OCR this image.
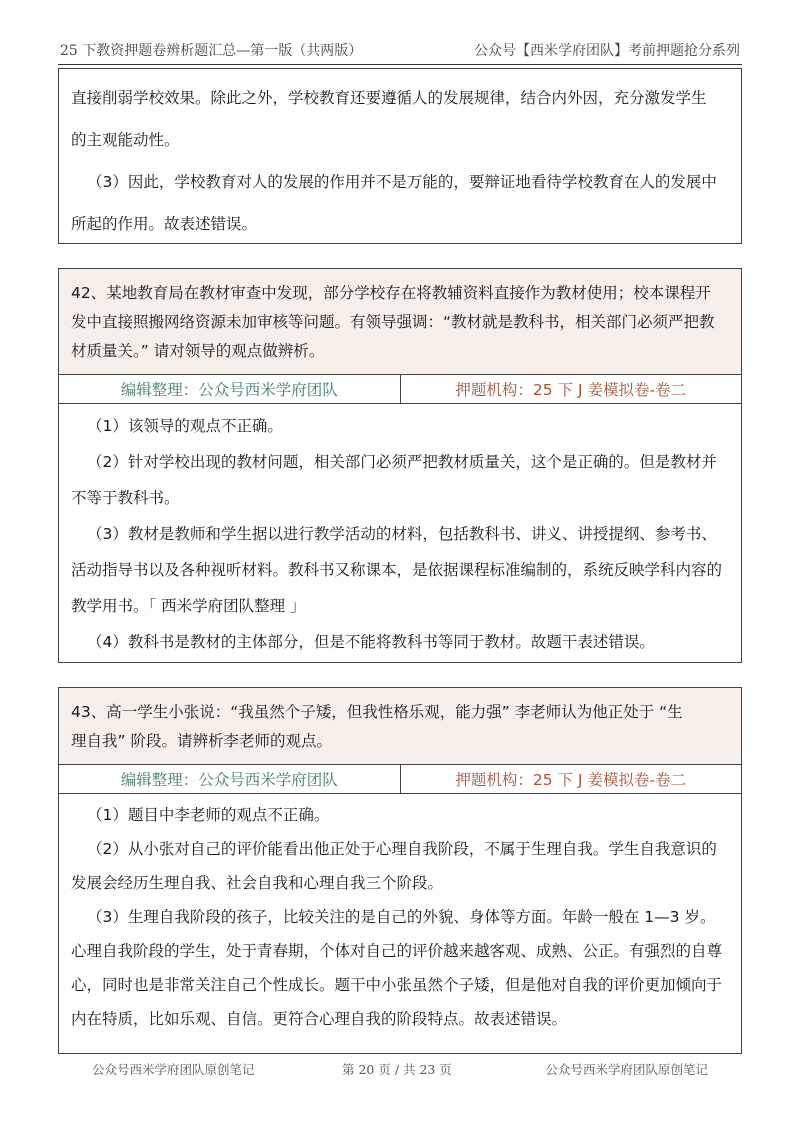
25 下教资押题卷辨析题汇总—第一版（共两版）	公众号【西米学府团队】考前押题抢分系列

直接削弱学校效果。除此之外，学校教育还要遵循人的发展规律，结合内外因，充分激发学生

的主观能动性。

（3）因此，学校教育对人的发展的作用并不是万能的，要辩证地看待学校教育在人的发展中

所起的作用。故表述错误。

42、某地教育局在教材审查中发现，部分学校存在将教辅资料直接作为教材使用；校本课程开
发中直接照搬网络资源未加审核等问题。有领导强调：“教材就是教科书，相关部门必须严把教
材质量关。” 请对领导的观点做辨析。
编辑整理：公众号西米学府团队	押题机构：25 下 J 姜模拟卷-卷二

（1）该领导的观点不正确。

（2）针对学校出现的教材问题，相关部门必须严把教材质量关，这个是正确的。但是教材并

不等于教科书。

（3）教材是教师和学生据以进行教学活动的材料，包括教科书、讲义、讲授提纲、参考书、

活动指导书以及各种视听材料。教科书又称课本，是依据课程标准编制的，系统反映学科内容的

教学用书。「 西米学府团队整理 」

（4）教科书是教材的主体部分，但是不能将教科书等同于教材。故题干表述错误。

43、高一学生小张说：“我虽然个子矮，但我性格乐观，能力强” 李老师认为他正处于 “生
理自我” 阶段。请辨析李老师的观点。
编辑整理：公众号西米学府团队	押题机构：25 下 J 姜模拟卷-卷二

（1）题目中李老师的观点不正确。

（2）从小张对自己的评价能看出他正处于心理自我阶段，不属于生理自我。学生自我意识的

发展会经历生理自我、社会自我和心理自我三个阶段。

（3）生理自我阶段的孩子，比较关注的是自己的外貌、身体等方面。年龄一般在 1—3 岁。

心理自我阶段的学生，处于青春期，个体对自己的评价越来越客观、成熟、公正。有强烈的自尊

心，同时也是非常关注自己个性成长。题干中小张虽然个子矮，但是他对自我的评价更加倾向于

内在特质，比如乐观、自信。更符合心理自我的阶段特点。故表述错误。

公众号西米学府团队原创笔记	第 20 页 / 共 23 页	公众号西米学府团队原创笔记
